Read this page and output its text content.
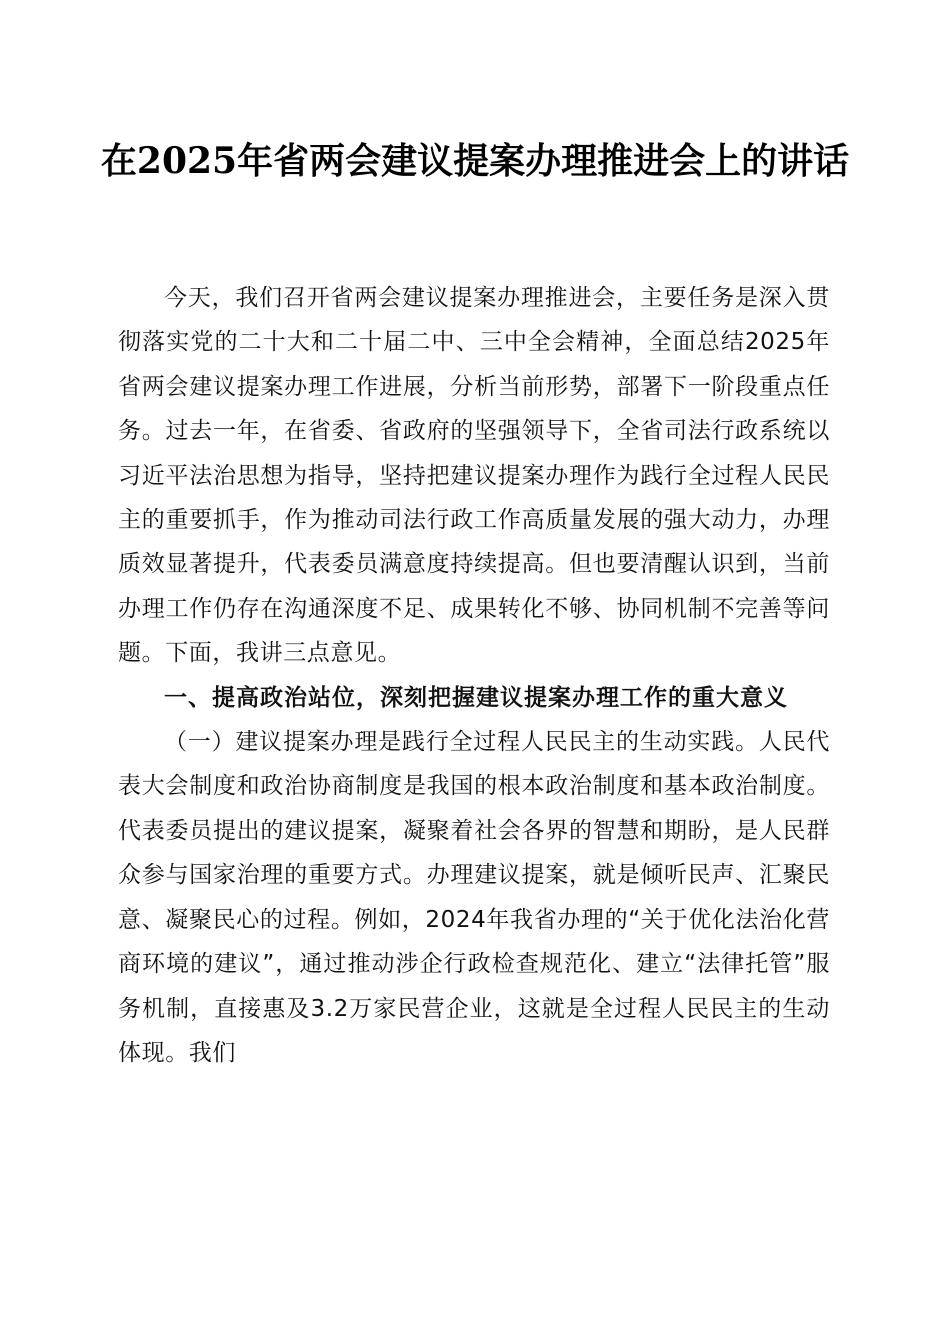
在2025年省两会建议提案办理推进会上的讲话

今天，我们召开省两会建议提案办理推进会，主要任务是深入贯彻落实党的二十大和二十届二中、三中全会精神，全面总结2025年省两会建议提案办理工作进展，分析当前形势，部署下一阶段重点任务。过去一年，在省委、省政府的坚强领导下，全省司法行政系统以习近平法治思想为指导，坚持把建议提案办理作为践行全过程人民民主的重要抓手，作为推动司法行政工作高质量发展的强大动力，办理质效显著提升，代表委员满意度持续提高。但也要清醒认识到，当前办理工作仍存在沟通深度不足、成果转化不够、协同机制不完善等问题。下面，我讲三点意见。

一、提高政治站位，深刻把握建议提案办理工作的重大意义

（一）建议提案办理是践行全过程人民民主的生动实践。人民代表大会制度和政治协商制度是我国的根本政治制度和基本政治制度。代表委员提出的建议提案，凝聚着社会各界的智慧和期盼，是人民群众参与国家治理的重要方式。办理建议提案，就是倾听民声、汇聚民意、凝聚民心的过程。例如，2024年我省办理的“关于优化法治化营商环境的建议”，通过推动涉企行政检查规范化、建立“法律托管”服务机制，直接惠及3.2万家民营企业，这就是全过程人民民主的生动体现。我们
